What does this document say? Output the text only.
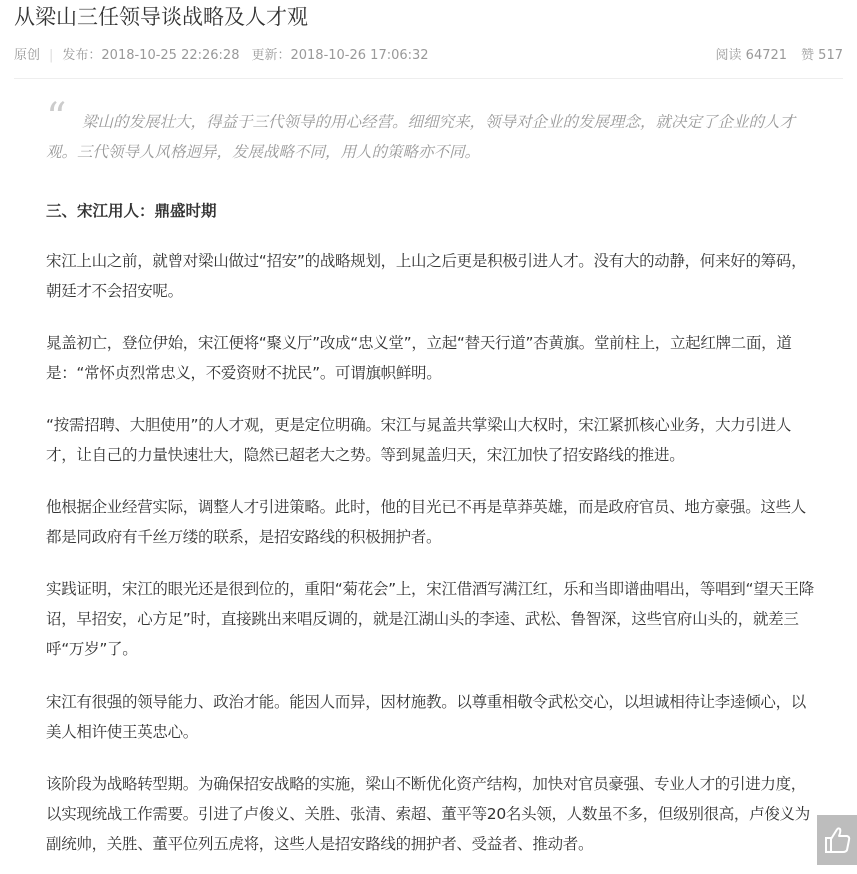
从梁山三任领导谈战略及人才观
原创 | 发布：2018-10-25 22:26:28 更新：2018-10-26 17:06:32	阅读 64721 赞 517
“	梁山的发展壮大，得益于三代领导的用心经营。细细究来，领导对企业的发展理念，就决定了企业的人才观。三代领导人风格迥异，发展战略不同，用人的策略亦不同。

三、宋江用人：鼎盛时期

宋江上山之前，就曾对梁山做过“招安”的战略规划，上山之后更是积极引进人才。没有大的动静，何来好的筹码，朝廷才不会招安呢。

晁盖初亡，登位伊始，宋江便将“聚义厅”改成“忠义堂”，立起“替天行道”杏黄旗。堂前柱上，立起红牌二面，道是：“常怀贞烈常忠义，不爱资财不扰民”。可谓旗帜鲜明。

“按需招聘、大胆使用”的人才观，更是定位明确。宋江与晁盖共掌梁山大权时，宋江紧抓核心业务，大力引进人才，让自己的力量快速壮大，隐然已超老大之势。等到晁盖归天，宋江加快了招安路线的推进。

他根据企业经营实际，调整人才引进策略。此时，他的目光已不再是草莽英雄，而是政府官员、地方豪强。这些人都是同政府有千丝万缕的联系，是招安路线的积极拥护者。

实践证明，宋江的眼光还是很到位的，重阳“菊花会”上，宋江借酒写满江红，乐和当即谱曲唱出，等唱到“望天王降诏，早招安，心方足”时，直接跳出来唱反调的，就是江湖山头的李逵、武松、鲁智深，这些官府山头的，就差三呼“万岁”了。

宋江有很强的领导能力、政治才能。能因人而异，因材施教。以尊重相敬令武松交心，以坦诚相待让李逵倾心，以美人相许使王英忠心。

该阶段为战略转型期。为确保招安战略的实施，梁山不断优化资产结构，加快对官员豪强、专业人才的引进力度，以实现统战工作需要。引进了卢俊义、关胜、张清、索超、董平等20名头领，人数虽不多，但级别很高，卢俊义为副统帅，关胜、董平位列五虎将，这些人是招安路线的拥护者、受益者、推动者。
